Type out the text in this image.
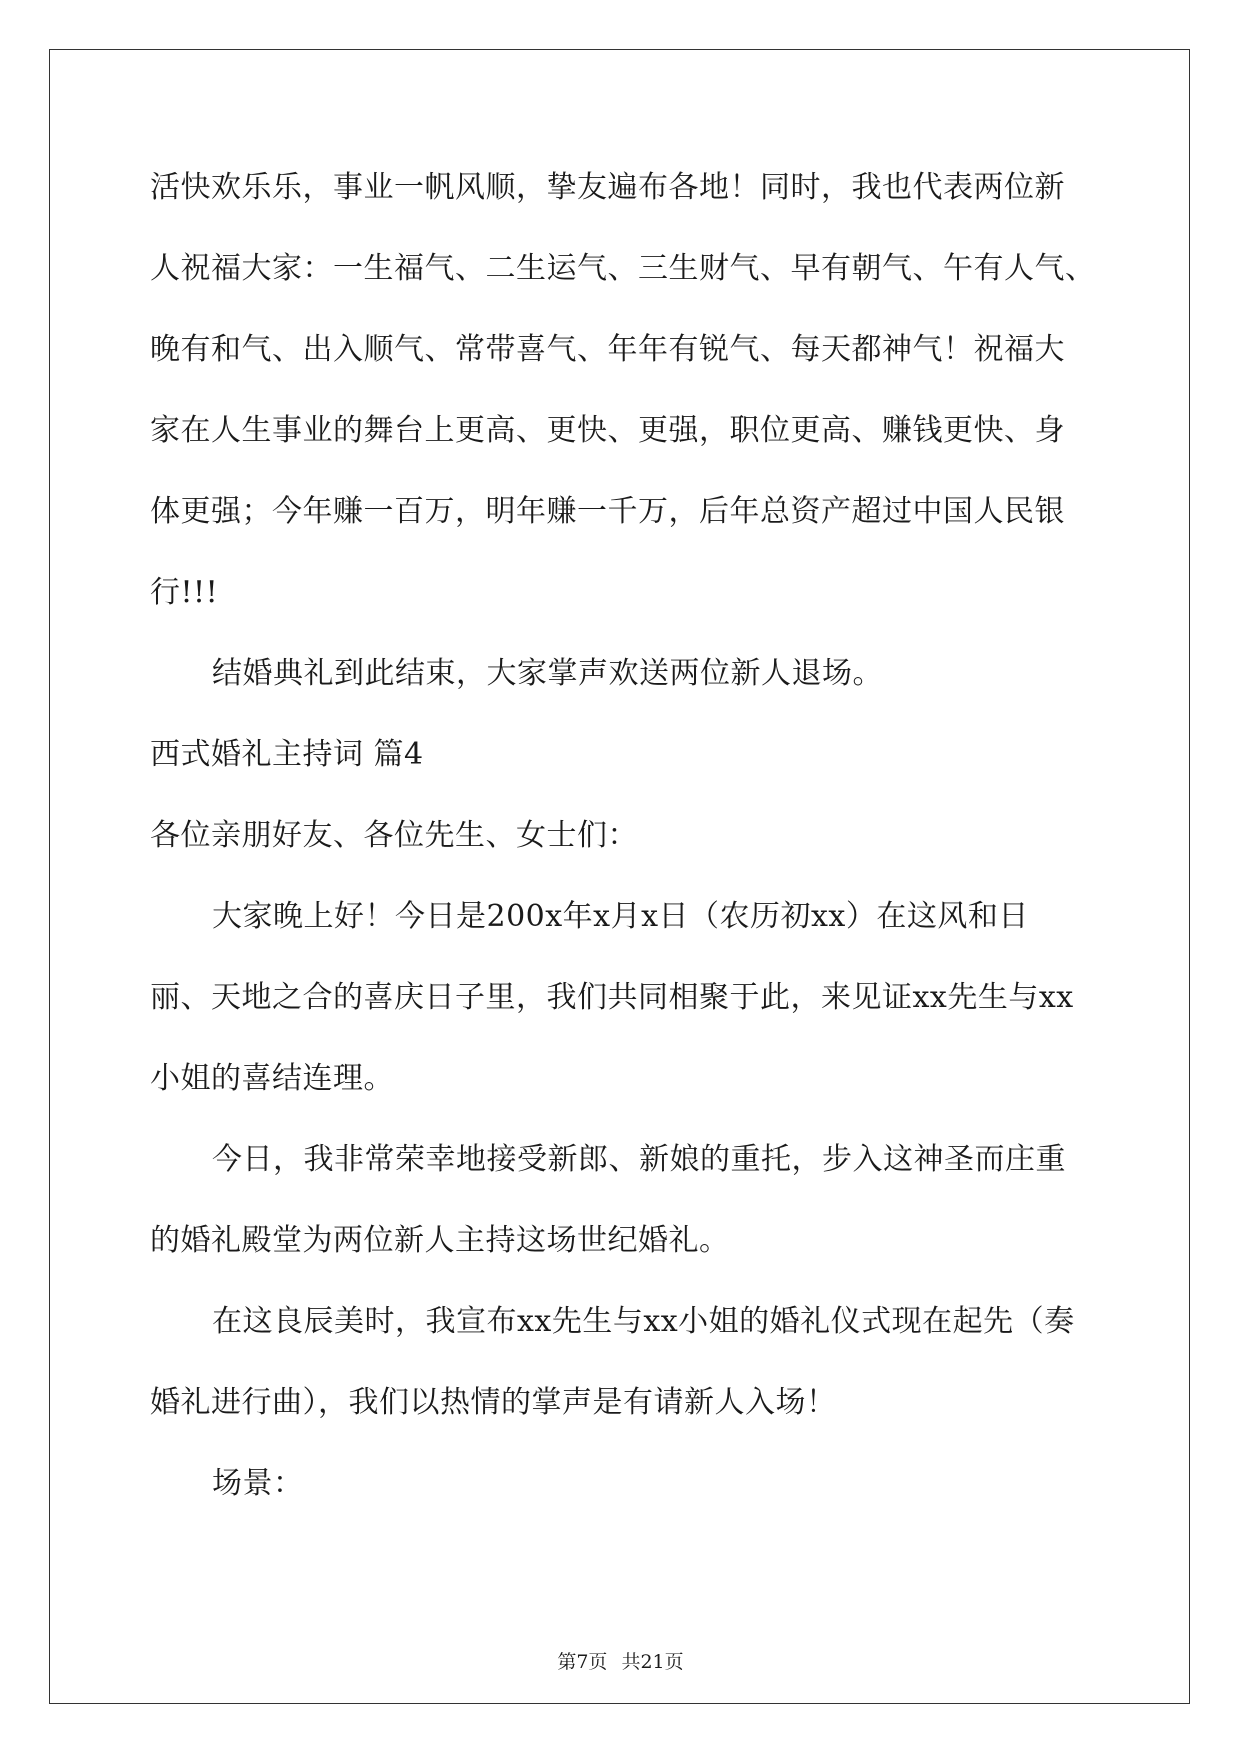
活快欢乐乐，事业一帆风顺，挚友遍布各地！同时，我也代表两位新
人祝福大家：一生福气、二生运气、三生财气、早有朝气、午有人气、
晚有和气、出入顺气、常带喜气、年年有锐气、每天都神气！祝福大
家在人生事业的舞台上更高、更快、更强，职位更高、赚钱更快、身
体更强；今年赚一百万，明年赚一千万，后年总资产超过中国人民银
行!!!
结婚典礼到此结束，大家掌声欢送两位新人退场。
西式婚礼主持词 篇4
各位亲朋好友、各位先生、女士们：
大家晚上好！今日是200x年x月x日（农历初xx）在这风和日
丽、天地之合的喜庆日子里，我们共同相聚于此，来见证xx先生与xx
小姐的喜结连理。
今日，我非常荣幸地接受新郎、新娘的重托，步入这神圣而庄重
的婚礼殿堂为两位新人主持这场世纪婚礼。
在这良辰美时，我宣布xx先生与xx小姐的婚礼仪式现在起先（奏
婚礼进行曲），我们以热情的掌声是有请新人入场！
场景：
第7页 共21页
